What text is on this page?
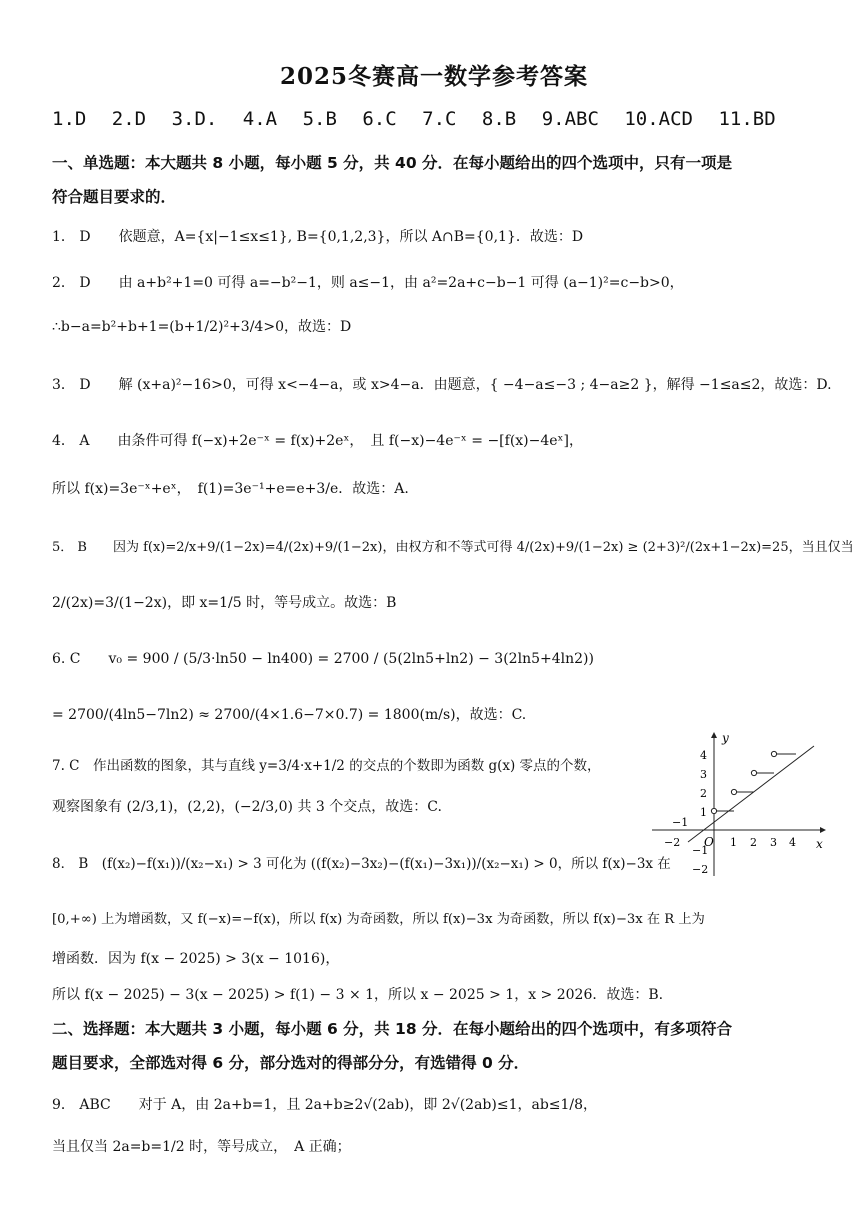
2025冬赛高一数学参考答案
1.D 2.D 3.D. 4.A 5.B 6.C 7.C 8.B 9.ABC 10.ACD 11.BD
一、单选题：本大题共 8 小题，每小题 5 分，共 40 分．在每小题给出的四个选项中，只有一项是
符合题目要求的．
1． D　　依题意，A={x|−1≤x≤1}, B={0,1,2,3}，所以 A∩B={0,1}．故选：D
2． D　　由 a+b²+1=0 可得 a=−b²−1，则 a≤−1，由 a²=2a+c−b−1 可得 (a−1)²=c−b>0，
∴b−a=b²+b+1=(b+1/2)²+3/4>0，故选：D
3． D　　解 (x+a)²−16>0，可得 x<−4−a，或 x>4−a．由题意，{ −4−a≤−3 ; 4−a≥2 }，解得 −1≤a≤2，故选：D.
4． A　　由条件可得 f(−x)+2e⁻ˣ = f(x)+2eˣ，　且 f(−x)−4e⁻ˣ = −[f(x)−4eˣ]，
所以 f(x)=3e⁻ˣ+eˣ，　f(1)=3e⁻¹+e=e+3/e．故选：A.
5． B　　因为 f(x)=2/x+9/(1−2x)=4/(2x)+9/(1−2x)，由权方和不等式可得 4/(2x)+9/(1−2x) ≥ (2+3)²/(2x+1−2x)=25，当且仅当
2/(2x)=3/(1−2x)，即 x=1/5 时，等号成立。故选：B
6. C　　v₀ = 900 / (5/3·ln50 − ln400) = 2700 / (5(2ln5+ln2) − 3(2ln5+4ln2))
= 2700/(4ln5−7ln2) ≈ 2700/(4×1.6−7×0.7) = 1800(m/s)，故选：C.
7. C　作出函数的图象，其与直线 y=3/4·x+1/2 的交点的个数即为函数 g(x) 零点的个数，
观察图象有 (2/3,1)，(2,2)，(−2/3,0) 共 3 个交点，故选：C.
8． B　(f(x₂)−f(x₁))/(x₂−x₁) > 3 可化为 ((f(x₂)−3x₂)−(f(x₁)−3x₁))/(x₂−x₁) > 0，所以 f(x)−3x 在
[0,+∞) 上为增函数，又 f(−x)=−f(x)，所以 f(x) 为奇函数，所以 f(x)−3x 为奇函数，所以 f(x)−3x 在 R 上为
增函数．因为 f(x − 2025) > 3(x − 1016)，
所以 f(x − 2025) − 3(x − 2025) > f(1) − 3 × 1，所以 x − 2025 > 1，x > 2026．故选：B.
二、选择题：本大题共 3 小题，每小题 6 分，共 18 分．在每小题给出的四个选项中，有多项符合
题目要求，全部选对得 6 分，部分选对的得部分分，有选错得 0 分．
9． ABC　　对于 A，由 2a+b=1，且 2a+b≥2√(2ab)，即 2√(2ab)≤1，ab≤1/8，
当且仅当 2a=b=1/2 时，等号成立，　A 正确；
y
x
O
4
3
2
1
−1
−2
−2
−1
1 2 3 4
